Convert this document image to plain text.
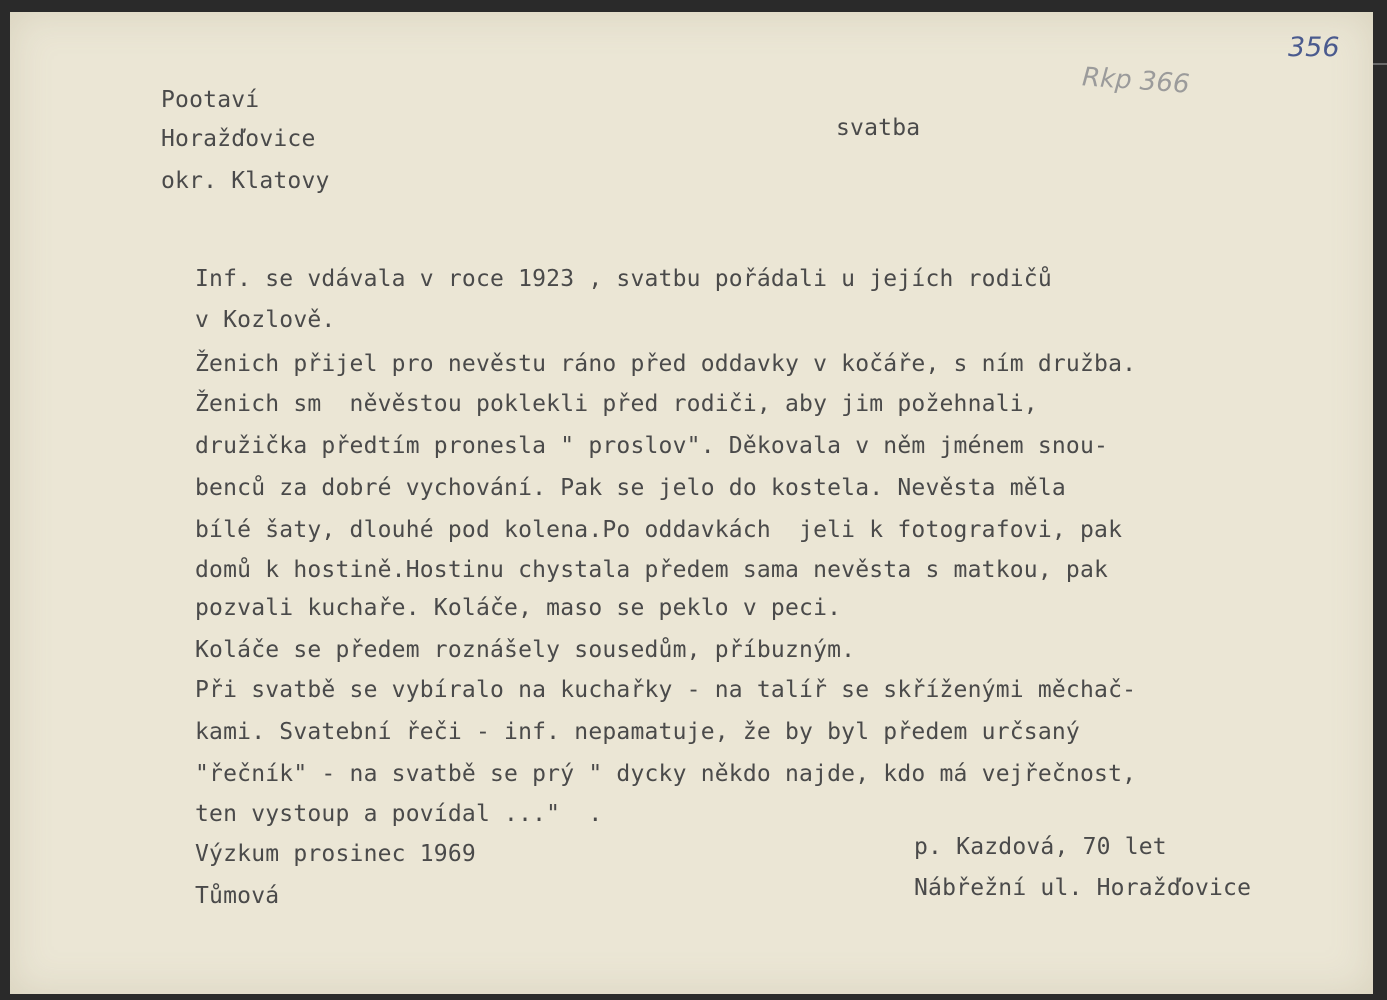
Pootaví
Horažďovice
okr. Klatovy
svatba
Rkp 366
356
Inf. se vdávala v roce 1923 , svatbu pořádali u jejích rodičů
v Kozlově.
Ženich přijel pro nevěstu ráno před oddavky v kočáře, s ním družba.
Ženich sm  něvěstou poklekli před rodiči, aby jim požehnali,
družička předtím pronesla " proslov". Děkovala v něm jménem snou-
benců za dobré vychování. Pak se jelo do kostela. Nevěsta měla
bílé šaty, dlouhé pod kolena.Po oddavkách  jeli k fotografovi, pak
domů k hostině.Hostinu chystala předem sama nevěsta s matkou, pak
pozvali kuchaře. Koláče, maso se peklo v peci.
Koláče se předem roznášely sousedům, příbuzným.
Při svatbě se vybíralo na kuchařky - na talíř se skříženými měchač-
kami. Svatební řeči - inf. nepamatuje, že by byl předem určsaný
"řečník" - na svatbě se prý " dycky někdo najde, kdo má vejřečnost,
ten vystoup a povídal ..."  .
Výzkum prosinec 1969
Tůmová
p. Kazdová, 70 let
Nábřežní ul. Horažďovice
